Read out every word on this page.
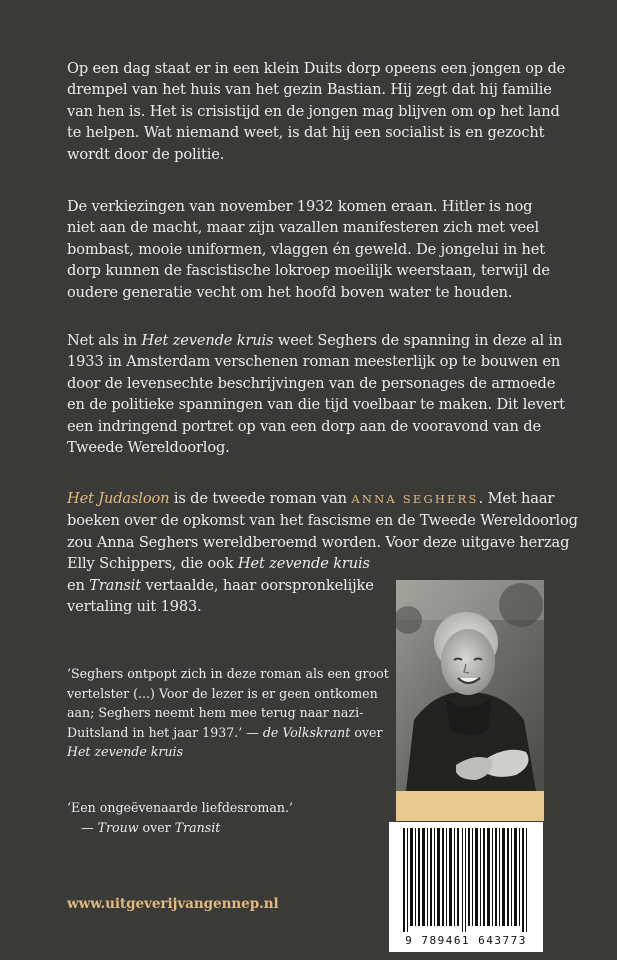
Op een dag staat er in een klein Duits dorp opeens een jongen op de
drempel van het huis van het gezin Bastian. Hij zegt dat hij familie
van hen is. Het is crisistijd en de jongen mag blijven om op het land
te helpen. Wat niemand weet, is dat hij een socialist is en gezocht
wordt door de politie.

De verkiezingen van november 1932 komen eraan. Hitler is nog
niet aan de macht, maar zijn vazallen manifesteren zich met veel
bombast, mooie uniformen, vlaggen én geweld. De jongelui in het
dorp kunnen de fascistische lokroep moeilijk weerstaan, terwijl de
oudere generatie vecht om het hoofd boven water te houden.

Net als in Het zevende kruis weet Seghers de spanning in deze al in
1933 in Amsterdam verschenen roman meesterlijk op te bouwen en
door de levensechte beschrijvingen van de personages de armoede
en de politieke spanningen van die tijd voelbaar te maken. Dit levert
een indringend portret op van een dorp aan de vooravond van de
Tweede Wereldoorlog.

Het Judasloon is de tweede roman van ANNA SEGHERS. Met haar
boeken over de opkomst van het fascisme en de Tweede Wereldoorlog
zou Anna Seghers wereldberoemd worden. Voor deze uitgave herzag
Elly Schippers, die ook Het zevende kruis
en Transit vertaalde, haar oorspronkelijke
vertaling uit 1983.

‘Seghers ontpopt zich in deze roman als een groot
vertelster (...) Voor de lezer is er geen ontkomen
aan; Seghers neemt hem mee terug naar nazi-
Duitsland in het jaar 1937.’ — de Volkskrant over
Het zevende kruis
‘Een ongeëvenaarde liefdesroman.’
— Trouw over Transit
www.uitgeverijvangennep.nl
9 789461 643773
